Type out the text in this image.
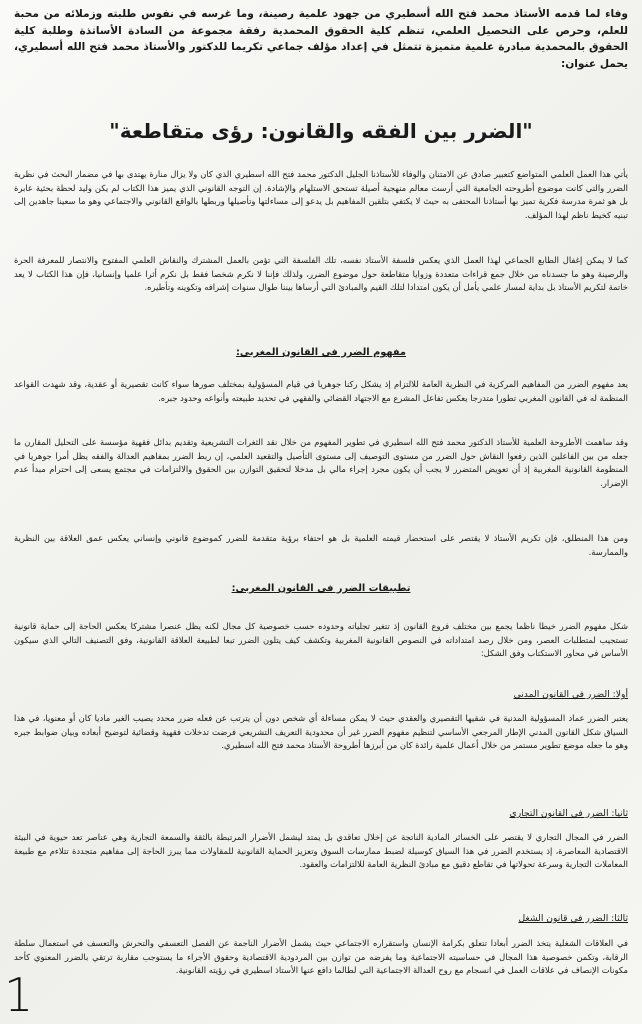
وفاء لما قدمه الأستاذ محمد فتح الله أسطيري من جهود علمية رصينة، وما غرسه في نفوس طلبته وزملائه من محبة للعلم، وحرص على التحصيل العلمي، تنظم كلية الحقوق المحمدية رفقة مجموعة من السادة الأساتذة وطلبة كلية الحقوق بالمحمدية مبادرة علمية متميزة تتمثل في إعداد مؤلف جماعي تكريما للدكتور والأستاذ محمد فتح الله أسطيري، يحمل عنوان:

"الضرر بين الفقه والقانون: رؤى متقاطعة"

يأتي هذا العمل العلمي المتواضع كتعبير صادق عن الامتنان والوفاء للأستاذنا الجليل الدكتور محمد فتح الله اسطيري الذي كان ولا يزال منارة يهتدى بها في مضمار البحث في نظرية الضرر والتي كانت موضوع أطروحته الجامعية التي أرست معالم منهجية أصيلة تستحق الاستلهام والإشادة. إن التوجه القانوني الذي يميز هذا الكتاب لم يكن وليد لحظة بحثية عابرة بل هو ثمرة مدرسة فكرية تميز بها أستاذنا المحتفى به حيث لا يكتفي بتلقين المفاهيم بل يدعو إلى مساءلتها وتأصيلها وربطها بالواقع القانوني والاجتماعي وهو ما سعينا جاهدين إلى تبنيه كخيط ناظم لهذا المؤلف.

كما لا يمكن إغفال الطابع الجماعي لهذا العمل الذي يعكس فلسفة الأستاذ نفسه، تلك الفلسفة التي تؤمن بالعمل المشترك والنقاش العلمي المفتوح والانتصار للمعرفة الحرة والرصينة وهو ما جسدناه من خلال جمع قراءات متعددة وزوايا متقاطعة حول موضوع الضرر، ولذلك فإننا لا نكرم شخصا فقط بل نكرم أثرا علميا وإنسانيا، فإن هذا الكتاب لا يعد خاتمة لتكريم الأستاذ بل بداية لمسار علمي يأمل أن يكون امتدادا لتلك القيم والمبادئ التي أرساها بيننا طوال سنوات إشرافه وتكوينه وتأطيره.

مفهوم الضرر في القانون المغربي:

يعد مفهوم الضرر من المفاهيم المركزية في النظرية العامة للالتزام إذ يشكل ركنا جوهريا في قيام المسؤولية بمختلف صورها سواء كانت تقصيرية أو عقدية، وقد شهدت القواعد المنظمة له في القانون المغربي تطورا متدرجا يعكس تفاعل المشرع مع الاجتهاد القضائي والفقهي في تحديد طبيعته وأنواعه وحدود جبره.

وقد ساهمت الأطروحة العلمية للأستاذ الدكتور محمد فتح الله اسطيري في تطوير المفهوم من خلال نقد الثغرات التشريعية وتقديم بدائل فقهية مؤسسة على التحليل المقارن ما جعله من بين الفاعلين الذين رفعوا النقاش حول الضرر من مستوى التوصيف إلى مستوى التأصيل والتقعيد العلمي، إن ربط الضرر بمفاهيم العدالة والفقه يظل أمرا جوهريا في المنظومة القانونية المغربية إذ أن تعويض المتضرر لا يجب أن يكون مجرد إجراء مالي بل مدخلا لتحقيق التوازن بين الحقوق والالتزامات في مجتمع يسعى إلى احترام مبدأ عدم الإضرار.

ومن هذا المنطلق، فإن تكريم الأستاذ لا يقتصر على استحضار قيمته العلمية بل هو احتفاء برؤية متقدمة للضرر كموضوع قانوني وإنساني يعكس عمق العلاقة بين النظرية والممارسة.

تطبيقات الضرر في القانون المغربي:

شكل مفهوم الضرر خيطا ناظما يجمع بين مختلف فروع القانون إذ تتغير تجلياته وحدوده حسب خصوصية كل مجال لكنه يظل عنصرا مشتركا يعكس الحاجة إلى حماية قانونية تستجيب لمتطلبات العصر، ومن خلال رصد امتداداته في النصوص القانونية المغربية وتكشف كيف يتلون الضرر تبعا لطبيعة العلاقة القانونية، وفق التصنيف التالي الذي سيكون الأساس في محاور الاستكتاب وفق الشكل:

أولا: الضرر في القانون المدني

يعتبر الضرر عماد المسؤولية المدنية في شقيها التقصيري والعقدي حيث لا يمكن مساءلة أي شخص دون أن يترتب عن فعله ضرر محدد يصيب الغير ماديا كان أو معنويا، في هذا السياق شكل القانون المدني الإطار المرجعي الأساسي لتنظيم مفهوم الضرر غير أن محدودية التعريف التشريعي فرضت تدخلات فقهية وقضائية لتوضيح أبعاده وبيان ضوابط جبره وهو ما جعله موضع تطوير مستمر من خلال أعمال علمية رائدة كان من أبرزها أطروحة الأستاذ محمد فتح الله اسطيري.

ثانيا: الضرر في القانون التجاري

الضرر في المجال التجاري لا يقتصر على الخسائر المادية الناتجة عن إخلال تعاقدي بل يمتد ليشمل الأضرار المرتبطة بالثقة والسمعة التجارية وهي عناصر تعد حيوية في البيئة الاقتصادية المعاصرة، إذ يستخدم الضرر في هذا السياق كوسيلة لضبط ممارسات السوق وتعزيز الحماية القانونية للمقاولات مما يبرز الحاجة إلى مفاهيم متجددة تتلاءم مع طبيعة المعاملات التجارية وسرعة تحولاتها في تقاطع دقيق مع مبادئ النظرية العامة للالتزامات والعقود.

ثالثا: الضرر في قانون الشغل

في العلاقات الشغلية يتخذ الضرر أبعادا تتعلق بكرامة الإنسان واستقراره الاجتماعي حيث يشمل الأضرار الناجمة عن الفصل التعسفي والتحرش والتعسف في استعمال سلطة الرقابة، وتكمن خصوصية هذا المجال في حساسيته الاجتماعية وما يفرضه من توازن بين المردودية الاقتصادية وحقوق الأجراء ما يستوجب مقاربة ترتقي بالضرر المعنوي كأحد مكونات الإنصاف في علاقات العمل في انسجام مع روح العدالة الاجتماعية التي لطالما دافع عنها الأستاذ اسطيري في رؤيته القانونية.

1
